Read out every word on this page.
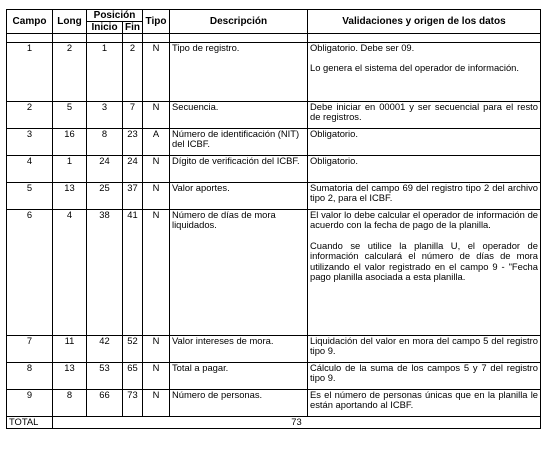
Campo	Long	Posición		Tipo	Descripción	Validaciones y origen de los datos
		Inicio	Fin			

1	2	1	2	N	Tipo de registro.	Obligatorio. Debe ser 09.
Lo genera el sistema del operador de información.

2	5	3	7	N	Secuencia.	Debe iniciar en 00001 y ser secuencial para el resto de registros.
3	16	8	23	A	Número de identificación (NIT) del ICBF.	Obligatorio.
4	1	24	24	N	Dígito de verificación del ICBF.	Obligatorio.
5	13	25	37	N	Valor aportes.	Sumatoria del campo 69 del registro tipo 2 del archivo tipo 2, para el ICBF.
6	4	38	41	N	Número de días de mora liquidados.	El valor lo debe calcular el operador de información de acuerdo con la fecha de pago de la planilla.
Cuando se utilice la planilla U, el operador de información calculará el número de días de mora utilizando el valor registrado en el campo 9 - "Fecha pago planilla asociada a esta planilla.

7	11	42	52	N	Valor intereses de mora.	Liquidación del valor en mora del campo 5 del registro tipo 9.
8	13	53	65	N	Total a pagar.	Cálculo de la suma de los campos 5 y 7 del registro tipo 9.
9	8	66	73	N	Número de personas.	Es el número de personas únicas que en la planilla le están aportando al ICBF.
TOTAL	73					
